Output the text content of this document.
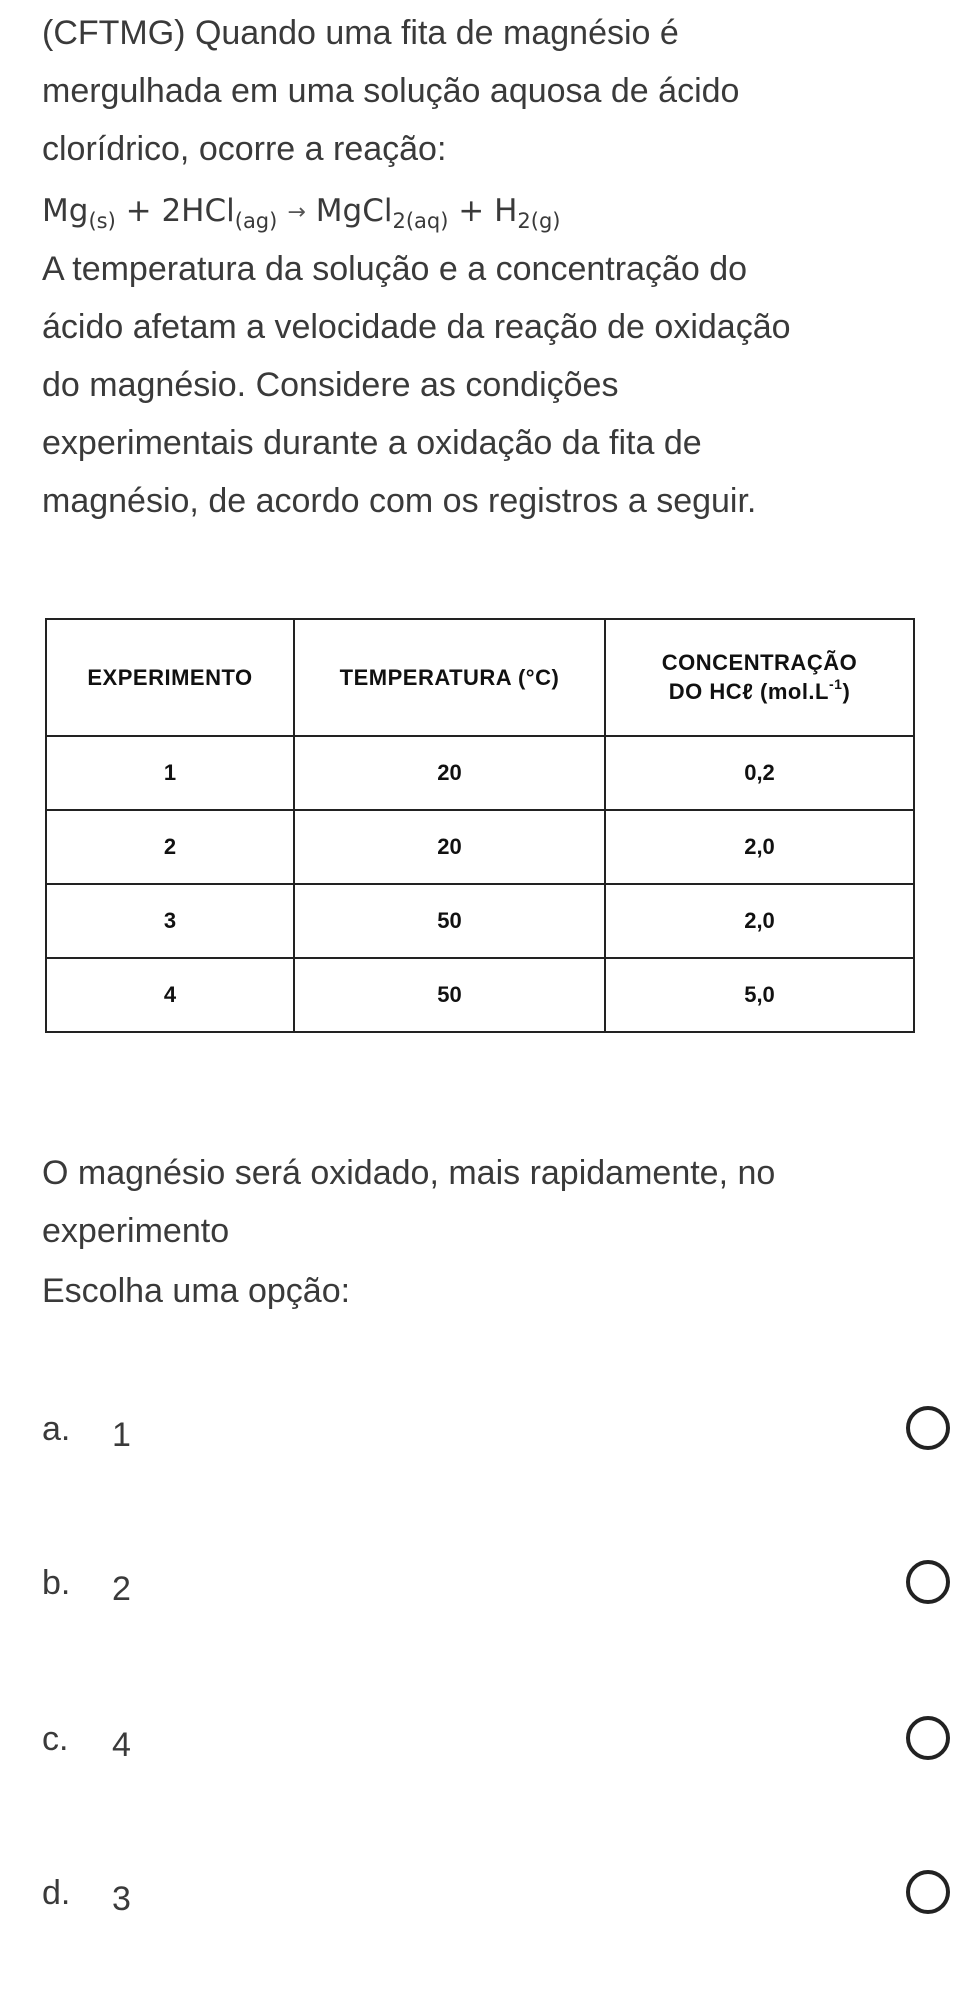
(CFTMG) Quando uma fita de magnésio é

mergulhada em uma solução aquosa de ácido

clorídrico, ocorre a reação:

$Mg_{(s)} + 2HCl_{(ag)}$ → MgCl$_{2(aq)}$ + $H_{2(g)}$

A temperatura da solução e a concentração do

ácido afetam a velocidade da reação de oxidação

do magnésio. Considere as condições

experimentais durante a oxidação da fita de

magnésio, de acordo com os registros a seguir.

EXPERIMENTO	TEMPERATURA (°C)	CONCENTRAÇÃO
DO HCℓ $(mol.L^{-1})$

1	20	0,2
2	20	2,0
3	50	2,0
4	50	5,0

O magnésio será oxidado, mais rapidamente, no

experimento

Escolha uma opção:

a. 1
b. 2
c. 4
d. 3
